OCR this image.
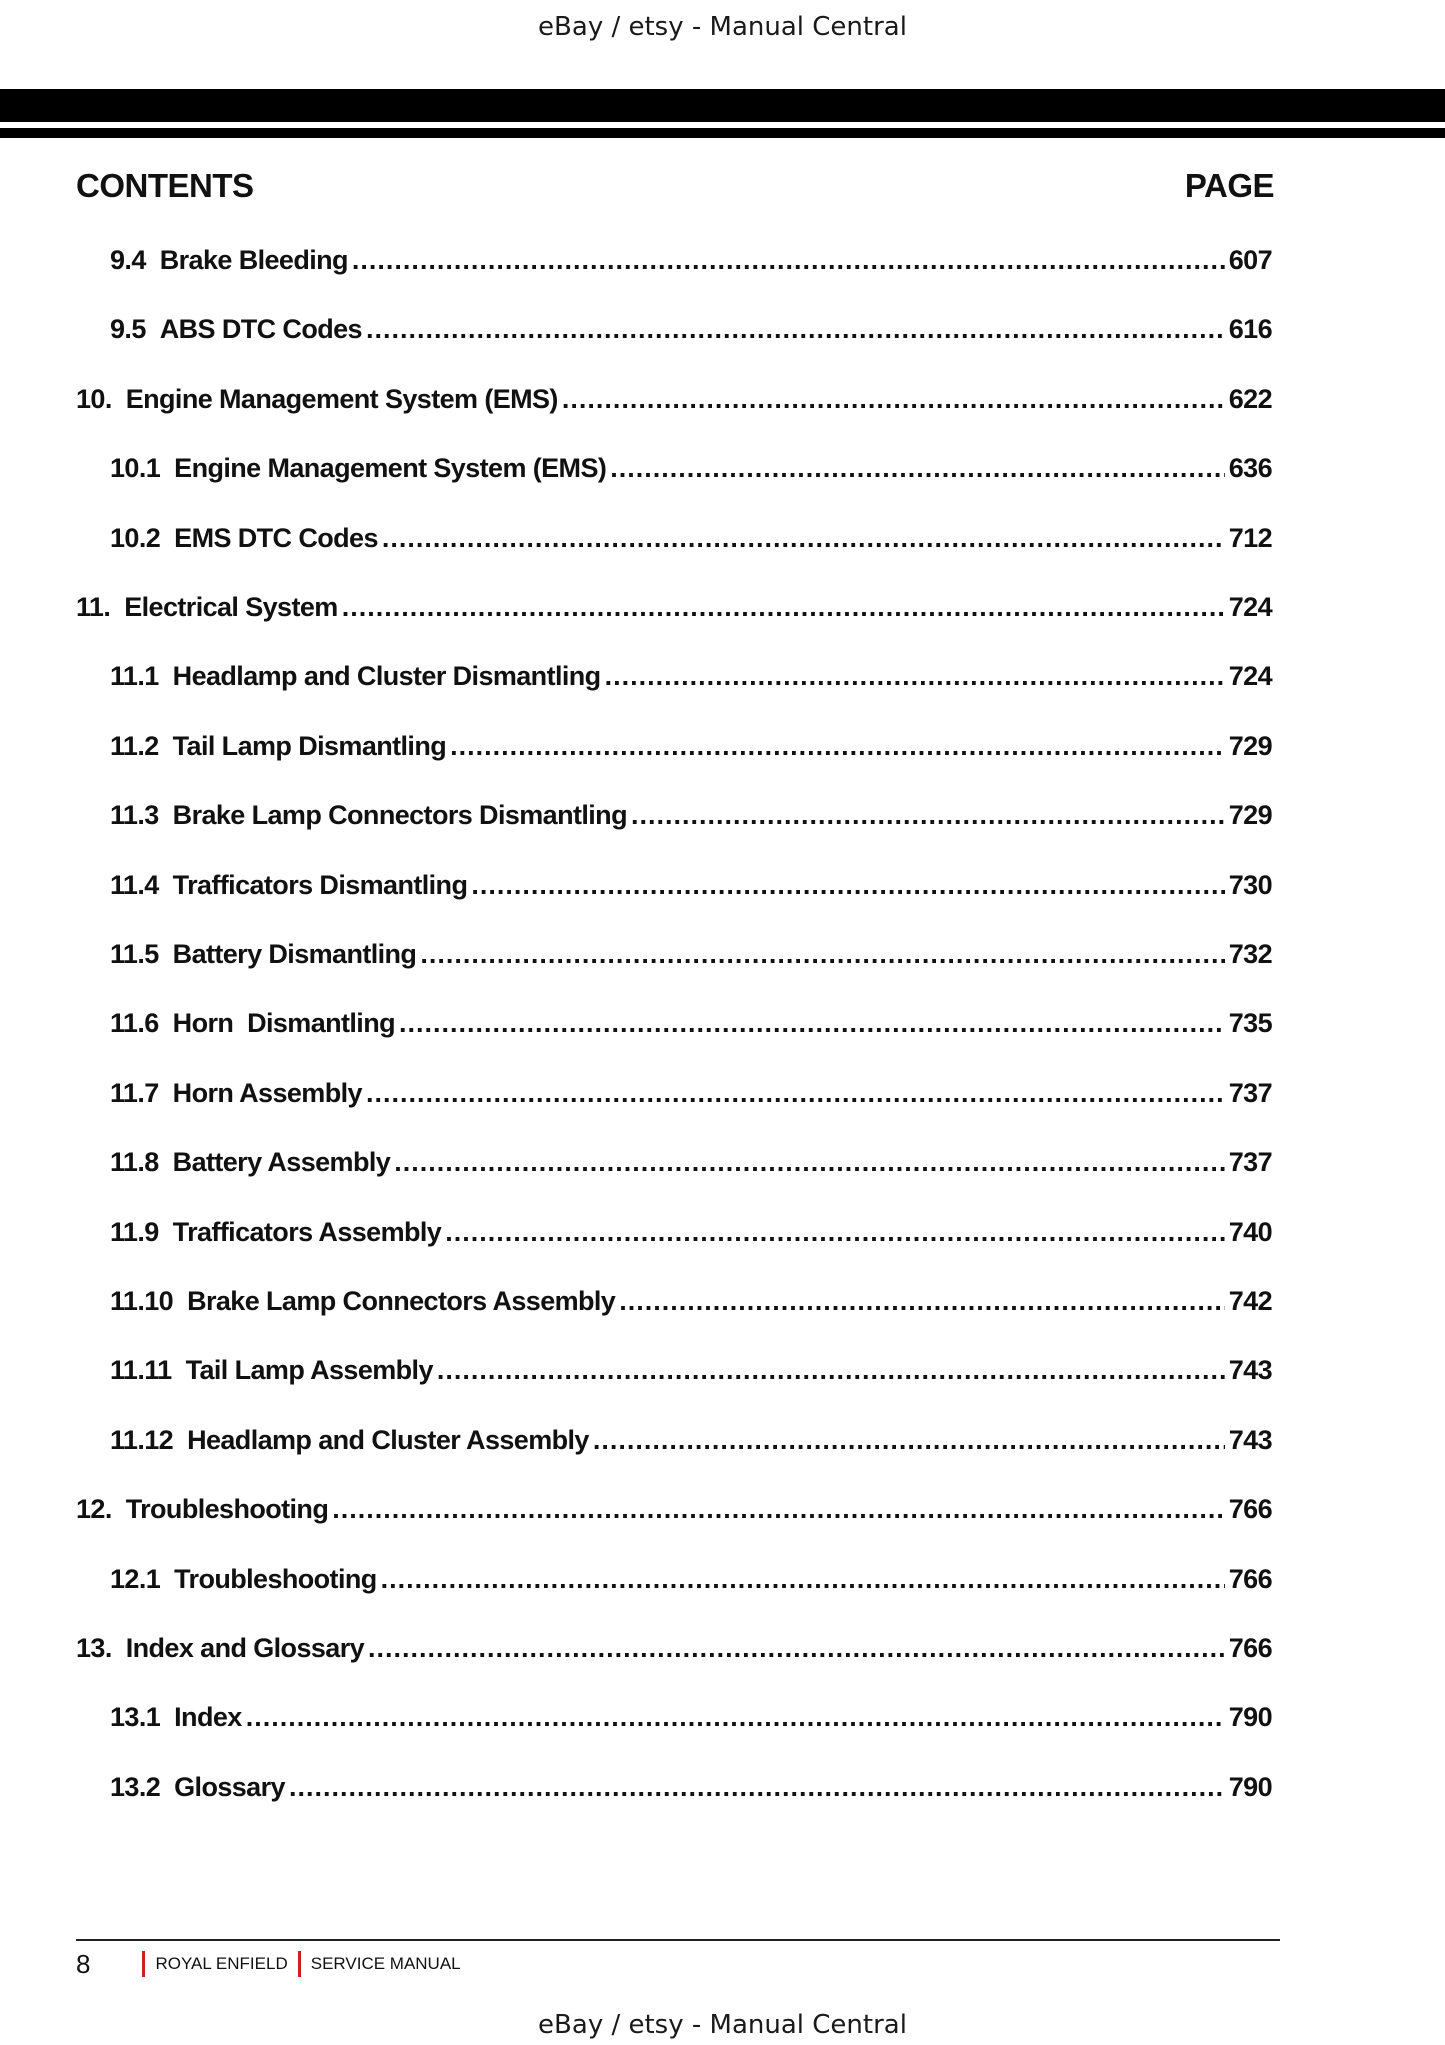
eBay / etsy - Manual Central
CONTENTS	PAGE
9.4 Brake Bleeding .....	607
9.5 ABS DTC Codes .....	616
10. Engine Management System (EMS) .....	622
10.1 Engine Management System (EMS) .....	636
10.2 EMS DTC Codes .....	712
11. Electrical System .....	724
11.1 Headlamp and Cluster Dismantling .....	724
11.2 Tail Lamp Dismantling .....	729
11.3 Brake Lamp Connectors Dismantling .....	729
11.4 Trafficators Dismantling .....	730
11.5 Battery Dismantling .....	732
11.6 Horn  Dismantling .....	735
11.7 Horn Assembly .....	737
11.8 Battery Assembly .....	737
11.9 Trafficators Assembly .....	740
11.10 Brake Lamp Connectors Assembly .....	742
11.11 Tail Lamp Assembly .....	743
11.12 Headlamp and Cluster Assembly .....	743
12. Troubleshooting .....	766
12.1 Troubleshooting .....	766
13. Index and Glossary .....	766
13.1 Index .....	790
13.2 Glossary .....	790
8	ROYAL ENFIELD SERVICE MANUAL
eBay / etsy - Manual Central
